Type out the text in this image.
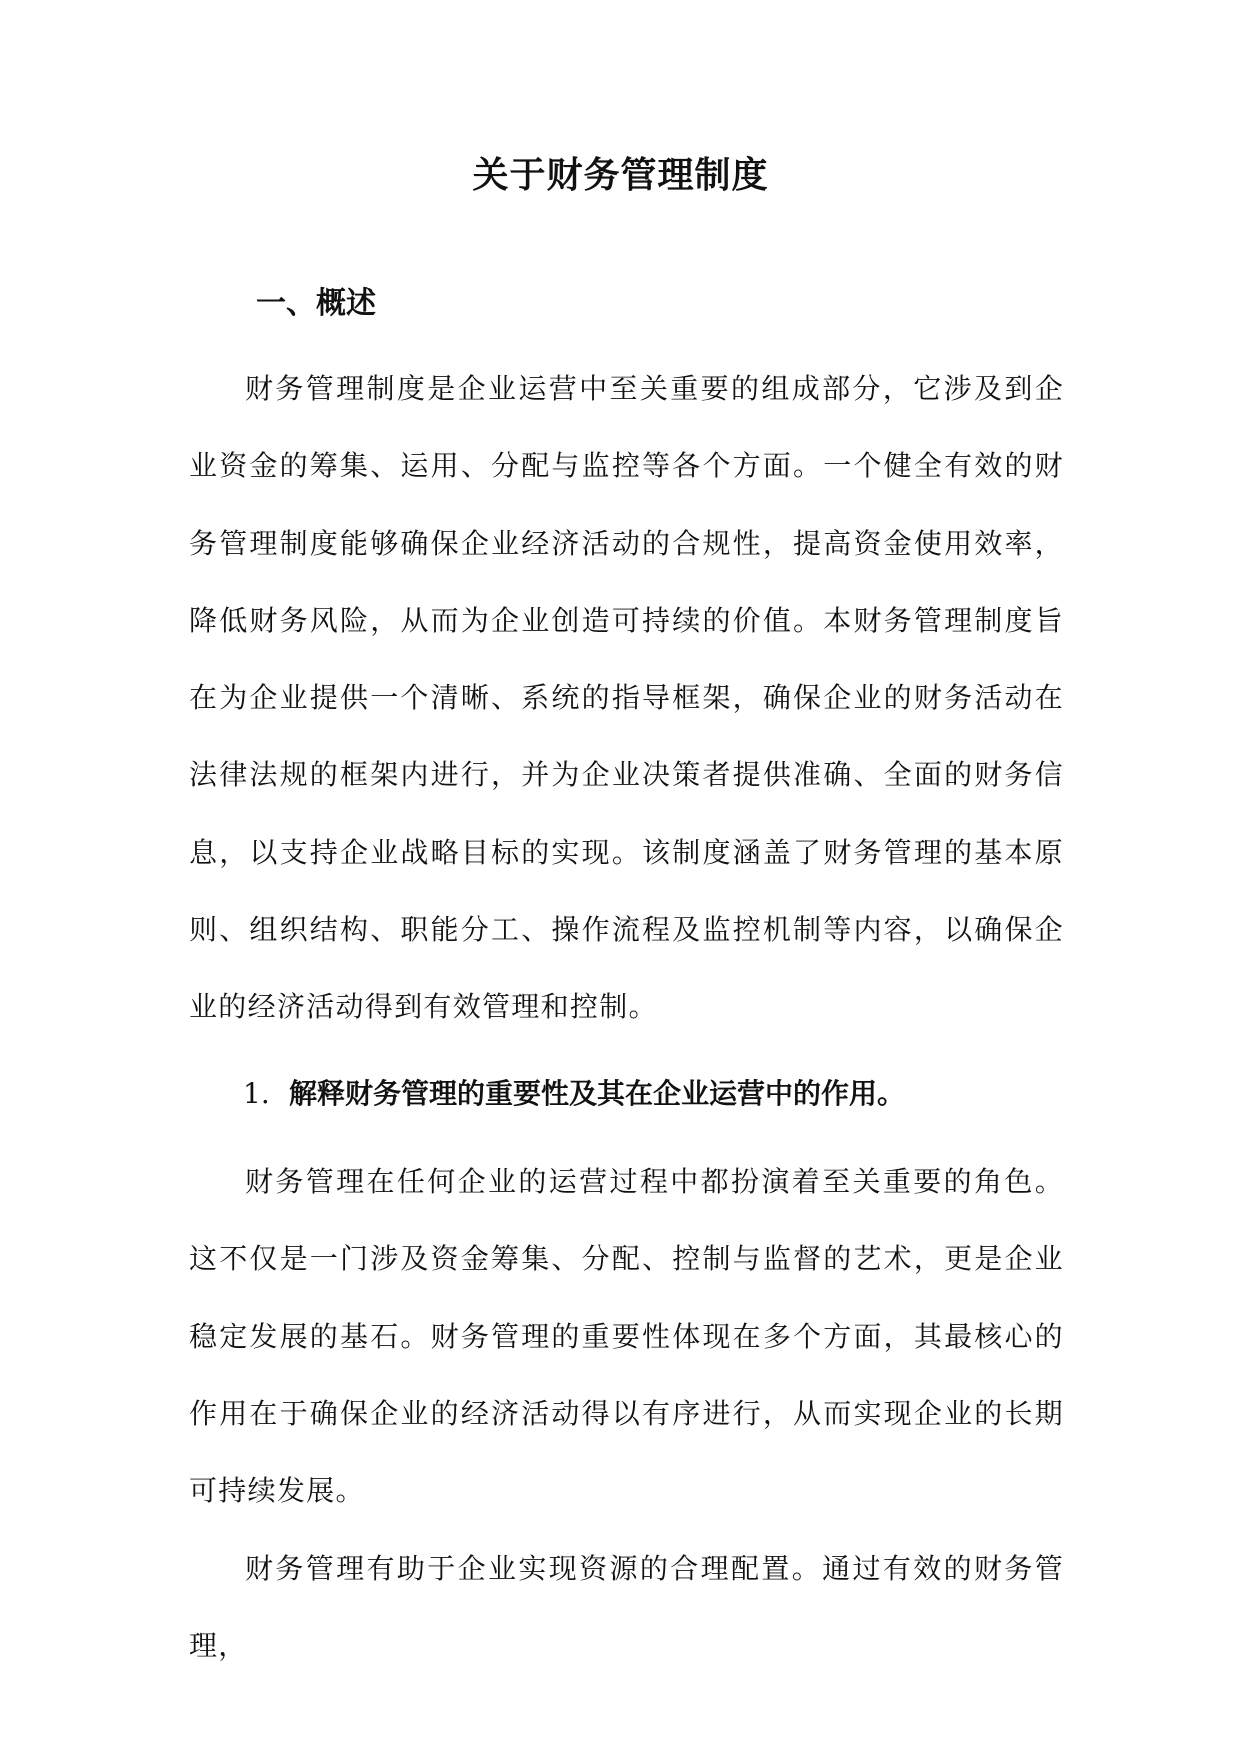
关于财务管理制度
一、概述

财务管理制度是企业运营中至关重要的组成部分，它涉及到企业资金的筹集、运用、分配与监控等各个方面。一个健全有效的财务管理制度能够确保企业经济活动的合规性，提高资金使用效率，降低财务风险，从而为企业创造可持续的价值。本财务管理制度旨在为企业提供一个清晰、系统的指导框架，确保企业的财务活动在法律法规的框架内进行，并为企业决策者提供准确、全面的财务信息，以支持企业战略目标的实现。该制度涵盖了财务管理的基本原则、组织结构、职能分工、操作流程及监控机制等内容，以确保企业的经济活动得到有效管理和控制。

1. 解释财务管理的重要性及其在企业运营中的作用。

财务管理在任何企业的运营过程中都扮演着至关重要的角色。这不仅是一门涉及资金筹集、分配、控制与监督的艺术，更是企业稳定发展的基石。财务管理的重要性体现在多个方面，其最核心的作用在于确保企业的经济活动得以有序进行，从而实现企业的长期可持续发展。

财务管理有助于企业实现资源的合理配置。通过有效的财务管理，
